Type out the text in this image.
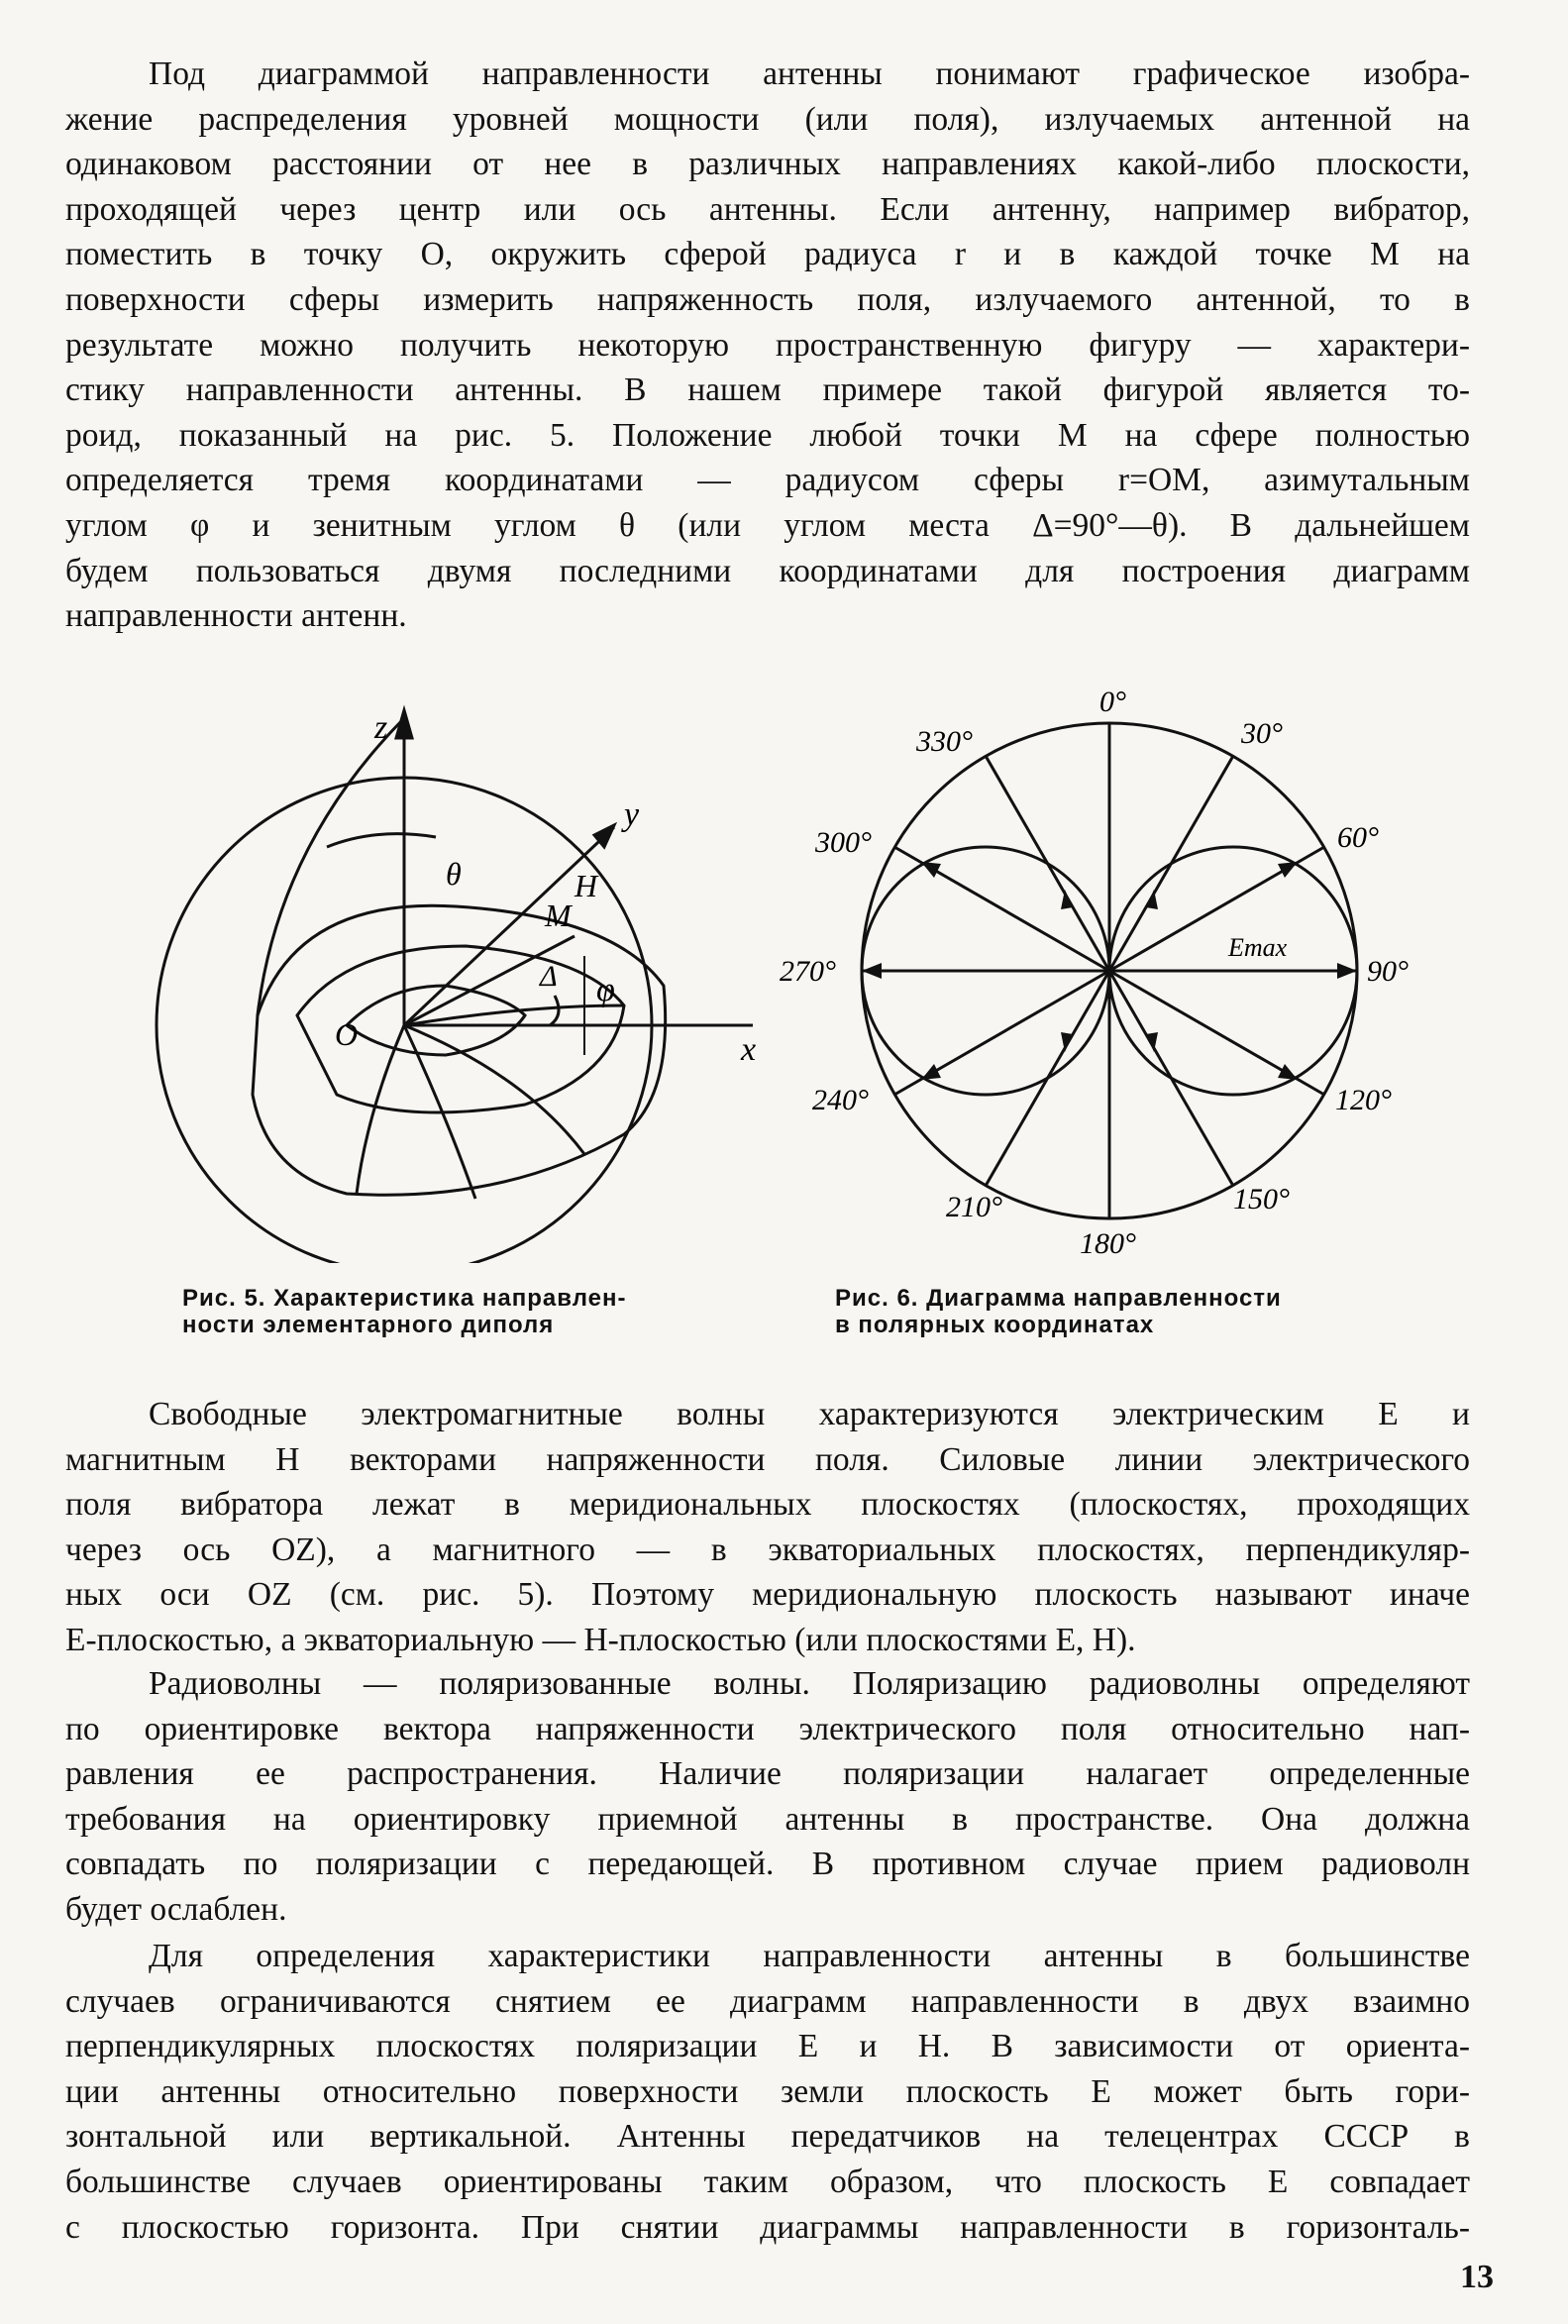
Под диаграммой направленности антенны понимают графическое изобра-
жение распределения уровней мощности (или поля), излучаемых антенной на
одинаковом расстоянии от нее в различных направлениях какой-либо плоскости,
проходящей через центр или ось антенны. Если антенну, например вибратор,
поместить в точку O, окружить сферой радиуса r и в каждой точке M на
поверхности сферы измерить напряженность поля, излучаемого антенной, то в
результате можно получить некоторую пространственную фигуру — характери-
стику направленности антенны. В нашем примере такой фигурой является то-
роид, показанный на рис. 5. Положение любой точки M на сфере полностью
определяется тремя координатами — радиусом сферы r=OM, азимутальным
углом φ и зенитным углом θ (или углом места Δ=90°—θ). В дальнейшем
будем пользоваться двумя последними координатами для построения диаграмм
направленности антенн.
z
y
x
θ	H
M
Δ φ
O
Emax
0°
30°
60°
90°
120°
150°
180°
210°
240°
270°
300°
330°
Рис. 5. Характеристика направлен-
ности элементарного диполя
Рис. 6. Диаграмма направленности
в полярных координатах
Свободные электромагнитные волны характеризуются электрическим E и
магнитным H векторами напряженности поля. Силовые линии электрического
поля вибратора лежат в меридиональных плоскостях (плоскостях, проходящих
через ось OZ), а магнитного — в экваториальных плоскостях, перпендикуляр-
ных оси OZ (см. рис. 5). Поэтому меридиональную плоскость называют иначе
E-плоскостью, а экваториальную — H-плоскостью (или плоскостями E, H).
Радиоволны — поляризованные волны. Поляризацию радиоволны определяют
по ориентировке вектора напряженности электрического поля относительно нап-
равления ее распространения. Наличие поляризации налагает определенные
требования на ориентировку приемной антенны в пространстве. Она должна
совпадать по поляризации с передающей. В противном случае прием радиоволн
будет ослаблен.
Для определения характеристики направленности антенны в большинстве
случаев ограничиваются снятием ее диаграмм направленности в двух взаимно
перпендикулярных плоскостях поляризации E и H. В зависимости от ориента-
ции антенны относительно поверхности земли плоскость E может быть гори-
зонтальной или вертикальной. Антенны передатчиков на телецентрах СССР в
большинстве случаев ориентированы таким образом, что плоскость E совпадает
с плоскостью горизонта. При снятии диаграммы направленности в горизонталь-
13
